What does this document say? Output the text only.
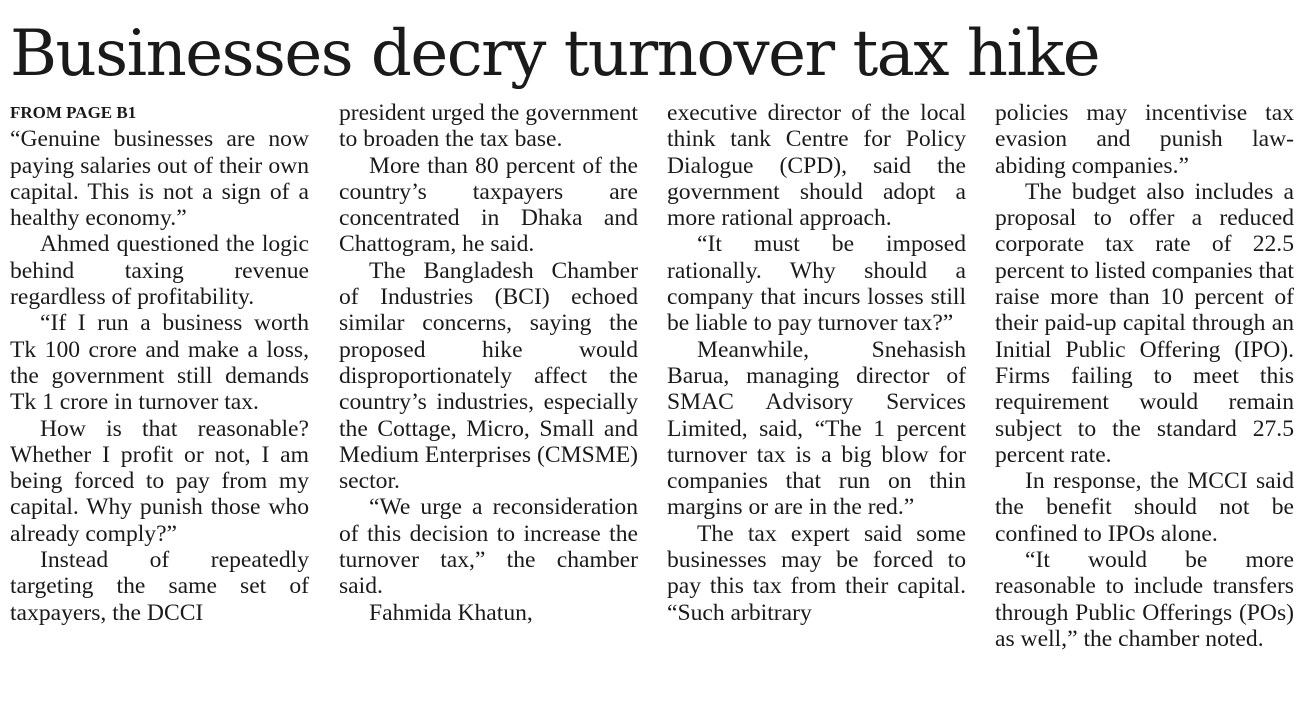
Businesses decry turnover tax hike
FROM PAGE B1

“Genuine businesses are now paying salaries out of their own capital. This is not a sign of a healthy economy.”

Ahmed questioned the logic behind taxing revenue regardless of profitability.

“If I run a business worth Tk 100 crore and make a loss, the government still demands Tk 1 crore in turnover tax.

How is that reasonable? Whether I profit or not, I am being forced to pay from my capital. Why punish those who already comply?”

Instead of repeatedly targeting the same set of taxpayers, the DCCI

president urged the government to broaden the tax base.

More than 80 percent of the country’s taxpayers are concentrated in Dhaka and Chattogram, he said.

The Bangladesh Chamber of Industries (BCI) echoed similar concerns, saying the proposed hike would disproportionately affect the country’s industries, especially the Cottage, Micro, Small and Medium Enterprises (CMSME) sector.

“We urge a reconsideration of this decision to increase the turnover tax,” the chamber said.

Fahmida Khatun,

executive director of the local think tank Centre for Policy Dialogue (CPD), said the government should adopt a more rational approach.

“It must be imposed rationally. Why should a company that incurs losses still be liable to pay turnover tax?”

Meanwhile, Snehasish Barua, managing director of SMAC Advisory Services Limited, said, “The 1 percent turnover tax is a big blow for companies that run on thin margins or are in the red.”

The tax expert said some businesses may be forced to pay this tax from their capital. “Such arbitrary

policies may incentivise tax evasion and punish law-abiding companies.”

The budget also includes a proposal to offer a reduced corporate tax rate of 22.5 percent to listed companies that raise more than 10 percent of their paid-up capital through an Initial Public Offering (IPO). Firms failing to meet this requirement would remain subject to the standard 27.5 percent rate.

In response, the MCCI said the benefit should not be confined to IPOs alone.

“It would be more reasonable to include transfers through Public Offerings (POs) as well,” the chamber noted.
